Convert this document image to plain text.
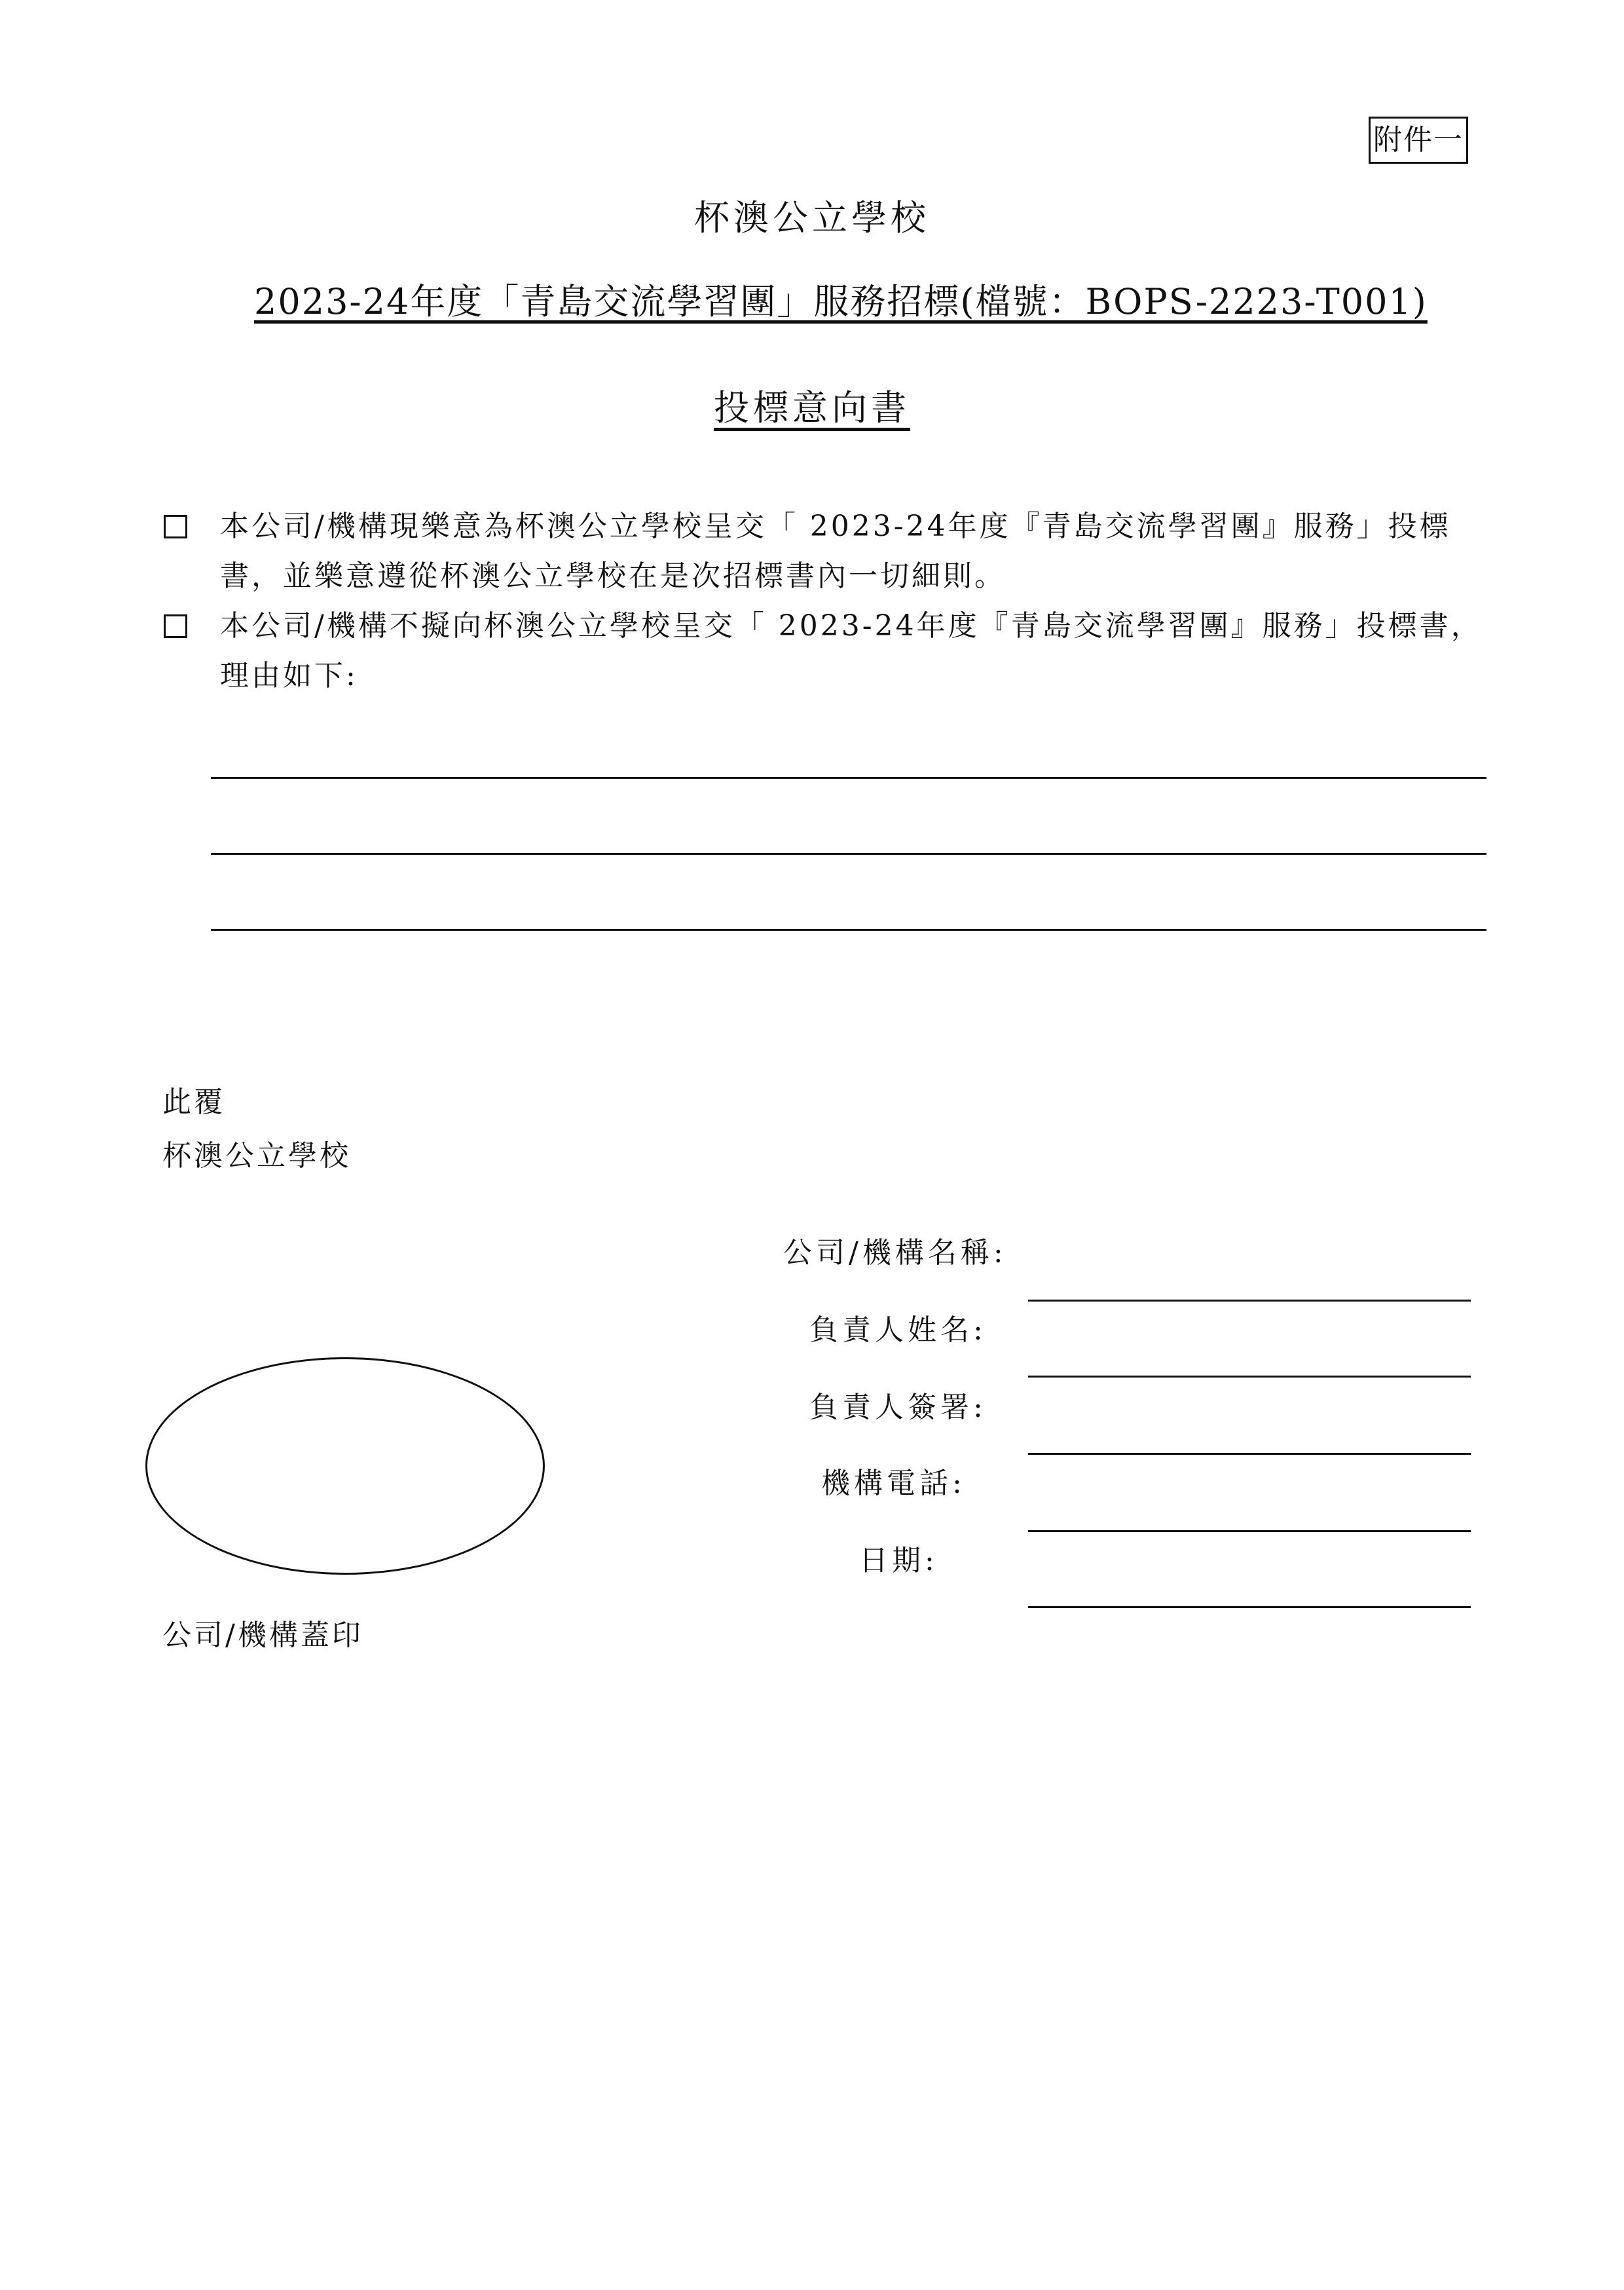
附件一
杯澳公立學校
2023-24年度「青島交流學習團」服務招標(檔號：BOPS-2223-T001)
投標意向書
本公司/機構現樂意為杯澳公立學校呈交「 2023-24年度『青島交流學習團』服務」投標
書，並樂意遵從杯澳公立學校在是次招標書內一切細則。
本公司/機構不擬向杯澳公立學校呈交「 2023-24年度『青島交流學習團』服務」投標書，
理由如下:
此覆
杯澳公立學校
公司/機構蓋印
公司/機構名稱:
負責人姓名:
負責人簽署:
機構電話:
日期:
